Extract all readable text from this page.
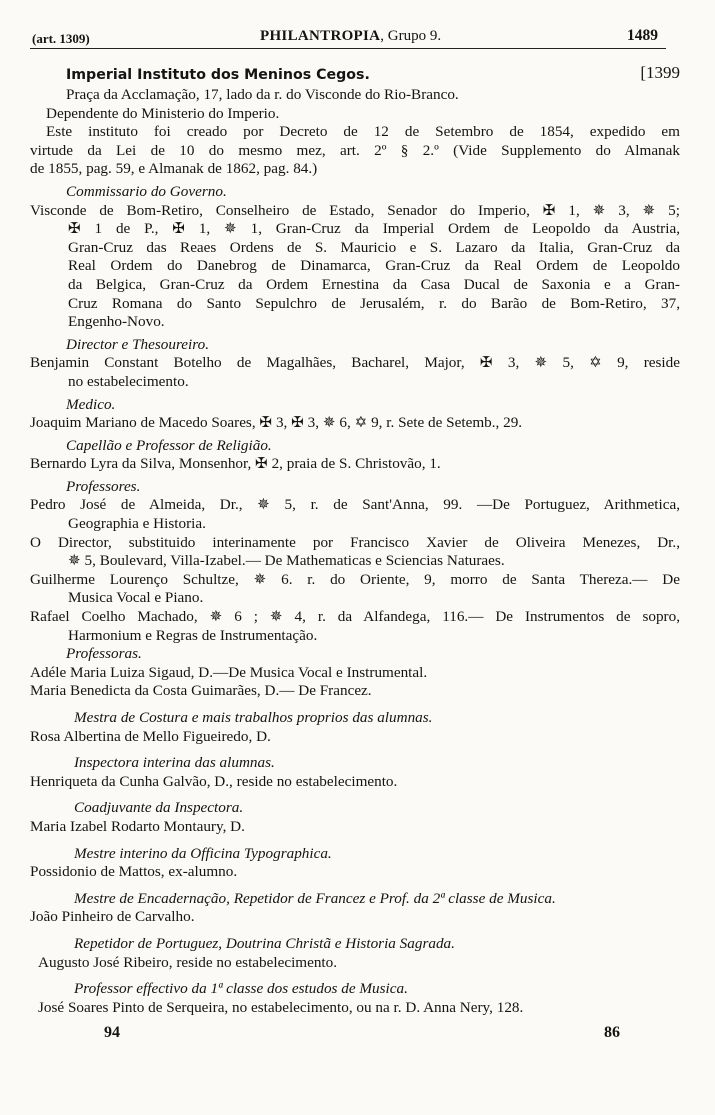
(art. 1309)	PHILANTROPIA, Grupo 9.	1489
Imperial Instituto dos Meninos Cegos.	[1399
Praça da Acclamação, 17, lado da r. do Visconde do Rio-Branco.
Dependente do Ministerio do Imperio.
Este instituto foi creado por Decreto de 12 de Setembro de 1854, expedido em
virtude da Lei de 10 do mesmo mez, art. 2º § 2.º (Vide Supplemento do Almanak
de 1855, pag. 59, e Almanak de 1862, pag. 84.)
Commissario do Governo.
Visconde de Bom-Retiro, Conselheiro de Estado, Senador do Imperio, ✠ 1, ✵ 3, ✵ 5;
✠ 1 de P., ✠ 1, ✵ 1, Gran-Cruz da Imperial Ordem de Leopoldo da Austria,
Gran-Cruz das Reaes Ordens de S. Mauricio e S. Lazaro da Italia, Gran-Cruz da
Real Ordem do Danebrog de Dinamarca, Gran-Cruz da Real Ordem de Leopoldo
da Belgica, Gran-Cruz da Ordem Ernestina da Casa Ducal de Saxonia e a Gran-
Cruz Romana do Santo Sepulchro de Jerusalém, r. do Barão de Bom-Retiro, 37,
Engenho-Novo.
Director e Thesoureiro.
Benjamin Constant Botelho de Magalhães, Bacharel, Major, ✠ 3, ✵ 5, ✡ 9, reside
no estabelecimento.
Medico.
Joaquim Mariano de Macedo Soares, ✠ 3, ✠ 3, ✵ 6, ✡ 9, r. Sete de Setemb., 29.
Capellão e Professor de Religião.
Bernardo Lyra da Silva, Monsenhor, ✠ 2, praia de S. Christovão, 1.
Professores.
Pedro José de Almeida, Dr., ✵ 5, r. de Sant'Anna, 99. —De Portuguez, Arithmetica,
Geographia e Historia.
O Director, substituido interinamente por Francisco Xavier de Oliveira Menezes, Dr.,
✵ 5, Boulevard, Villa-Izabel.— De Mathematicas e Sciencias Naturaes.
Guilherme Lourenço Schultze, ✵ 6. r. do Oriente, 9, morro de Santa Thereza.— De
Musica Vocal e Piano.
Rafael Coelho Machado, ✵ 6 ; ✵ 4, r. da Alfandega, 116.— De Instrumentos de sopro,
Harmonium e Regras de Instrumentação.
Professoras.
Adéle Maria Luiza Sigaud, D.—De Musica Vocal e Instrumental.
Maria Benedicta da Costa Guimarães, D.— De Francez.
Mestra de Costura e mais trabalhos proprios das alumnas.
Rosa Albertina de Mello Figueiredo, D.
Inspectora interina das alumnas.
Henriqueta da Cunha Galvão, D., reside no estabelecimento.
Coadjuvante da Inspectora.
Maria Izabel Rodarto Montaury, D.
Mestre interino da Officina Typographica.
Possidonio de Mattos, ex-alumno.
Mestre de Encadernação, Repetidor de Francez e Prof. da 2ª classe de Musica.
João Pinheiro de Carvalho.
Repetidor de Portuguez, Doutrina Christã e Historia Sagrada.
Augusto José Ribeiro, reside no estabelecimento.
Professor effectivo da 1ª classe dos estudos de Musica.
José Soares Pinto de Serqueira, no estabelecimento, ou na r. D. Anna Nery, 128.
94	86
